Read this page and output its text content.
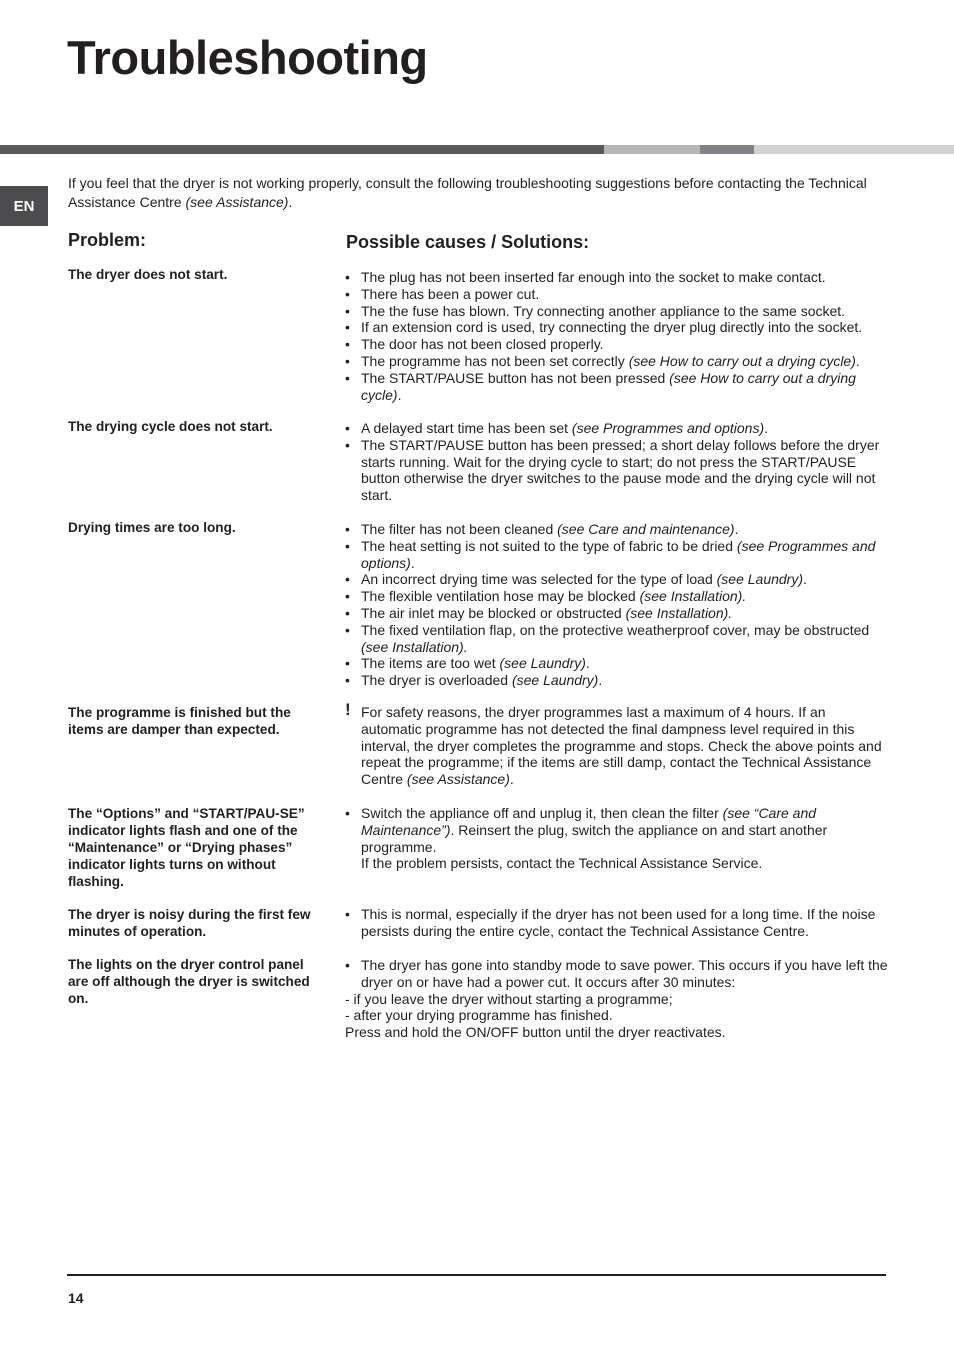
Troubleshooting
EN

If you feel that the dryer is not working properly, consult the following troubleshooting suggestions before contacting the Technical Assistance Centre (see Assistance).

Problem:	Possible causes / Solutions:
The dryer does not start.	• The plug has not been inserted far enough into the socket to make contact.
• There has been a power cut.
• The the fuse has blown. Try connecting another appliance to the same socket.
• If an extension cord is used, try connecting the dryer plug directly into the socket.
• The door has not been closed properly.
• The programme has not been set correctly (see How to carry out a drying cycle).
• The START/PAUSE button has not been pressed (see How to carry out a drying cycle).
The drying cycle does not start.	• A delayed start time has been set (see Programmes and options).
• The START/PAUSE button has been pressed; a short delay follows before the dryer starts running. Wait for the drying cycle to start; do not press the START/PAUSE button otherwise the dryer switches to the pause mode and the drying cycle will not start.
Drying times are too long.	• The filter has not been cleaned (see Care and maintenance).
• The heat setting is not suited to the type of fabric to be dried (see Programmes and options).
• An incorrect drying time was selected for the type of load (see Laundry).
• The flexible ventilation hose may be blocked (see Installation).
• The air inlet may be blocked or obstructed (see Installation).
• The fixed ventilation flap, on the protective weatherproof cover, may be obstructed (see Installation).
• The items are too wet (see Laundry).
• The dryer is overloaded (see Laundry).
The programme is finished but the items are damper than expected.
! For safety reasons, the dryer programmes last a maximum of 4 hours. If an automatic programme has not detected the final dampness level required in this interval, the dryer completes the programme and stops. Check the above points and repeat the programme; if the items are still damp, contact the Technical Assistance Centre (see Assistance).
The “Options” and “START/PAU-SE” indicator lights flash and one of the “Maintenance” or “Drying phases” indicator lights turns on without flashing.
• Switch the appliance off and unplug it, then clean the filter (see “Care and Maintenance”). Reinsert the plug, switch the appliance on and start another programme.
If the problem persists, contact the Technical Assistance Service.
The dryer is noisy during the first few minutes of operation.
• This is normal, especially if the dryer has not been used for a long time. If the noise persists during the entire cycle, contact the Technical Assistance Centre.
The lights on the dryer control panel are off although the dryer is switched on.
• The dryer has gone into standby mode to save power. This occurs if you have left the dryer on or have had a power cut. It occurs after 30 minutes:
- if you leave the dryer without starting a programme;
- after your drying programme has finished.
Press and hold the ON/OFF button until the dryer reactivates.
14
